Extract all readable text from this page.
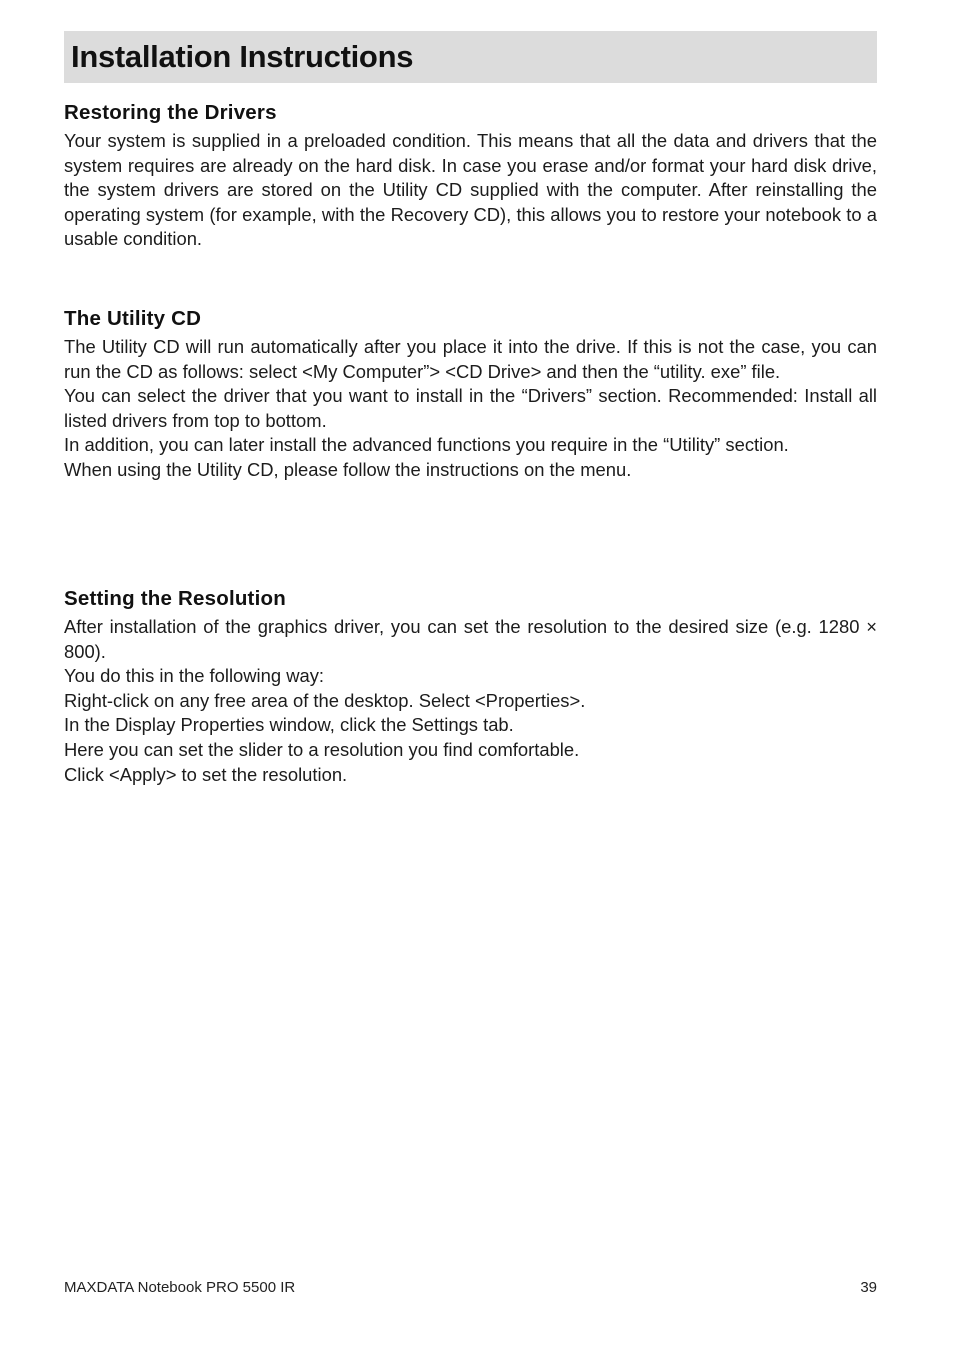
Installation Instructions
Restoring the Drivers

Your system is supplied in a preloaded condition. This means that all the data and drivers that the system requires are already on the hard disk. In case you erase and/or format your hard disk drive, the system drivers are stored on the Utility CD supplied with the computer. After reinstalling the operating system (for example, with the Recovery CD), this allows you to restore your notebook to a usable condition.

The Utility CD

The Utility CD will run automatically after you place it into the drive. If this is not the case, you can run the CD as follows: select <My Computer”> <CD Drive> and then the “utility. exe” file.

You can select the driver that you want to install in the “Drivers” section. Recommended: Install all listed drivers from top to bottom.

In addition, you can later install the advanced functions you require in the “Utility” section.

When using the Utility CD, please follow the instructions on the menu.

Setting the Resolution

After installation of the graphics driver, you can set the resolution to the desired size (e.g. 1280 × 800).

You do this in the following way:

Right-click on any free area of the desktop. Select <Properties>.

In the Display Properties window, click the Settings tab.

Here you can set the slider to a resolution you find comfortable.

Click <Apply> to set the resolution.

MAXDATA Notebook PRO 5500 IR	39
